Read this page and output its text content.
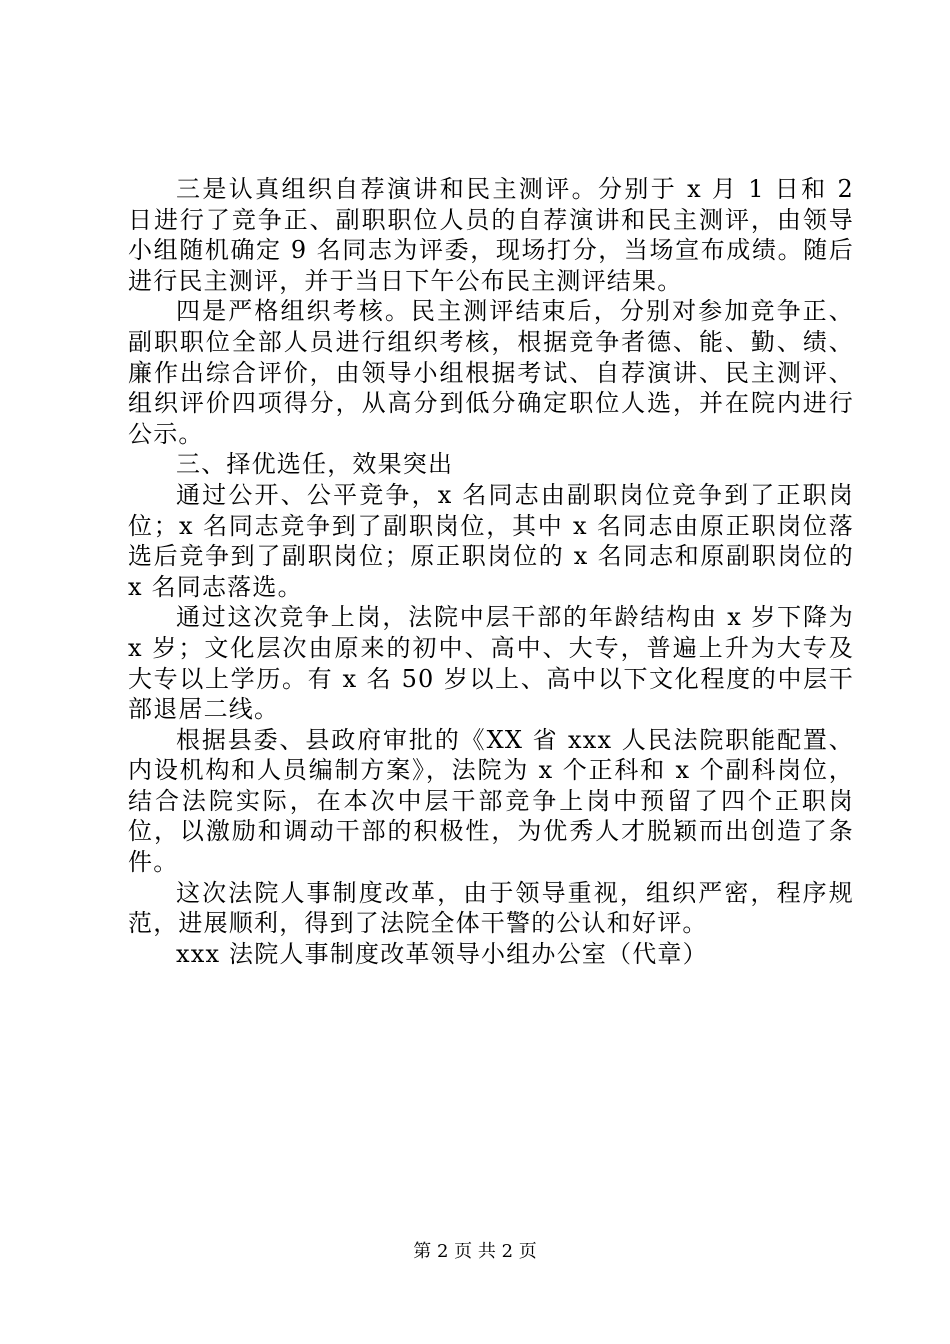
三是认真组织自荐演讲和民主测评。分别于 x 月 1 日和 2 日进行了竞争正、副职职位人员的自荐演讲和民主测评，由领导小组随机确定 9 名同志为评委，现场打分，当场宣布成绩。随后进行民主测评，并于当日下午公布民主测评结果。

四是严格组织考核。民主测评结束后，分别对参加竞争正、副职职位全部人员进行组织考核，根据竞争者德、能、勤、绩、廉作出综合评价，由领导小组根据考试、自荐演讲、民主测评、组织评价四项得分，从高分到低分确定职位人选，并在院内进行公示。

三、择优选任，效果突出

通过公开、公平竞争，x 名同志由副职岗位竞争到了正职岗位；x 名同志竞争到了副职岗位，其中 x 名同志由原正职岗位落选后竞争到了副职岗位；原正职岗位的 x 名同志和原副职岗位的 x 名同志落选。

通过这次竞争上岗，法院中层干部的年龄结构由 x 岁下降为 x 岁；文化层次由原来的初中、高中、大专，普遍上升为大专及大专以上学历。有 x 名 50 岁以上、高中以下文化程度的中层干部退居二线。

根据县委、县政府审批的《XX 省 xxx 人民法院职能配置、内设机构和人员编制方案》，法院为 x 个正科和 x 个副科岗位，结合法院实际，在本次中层干部竞争上岗中预留了四个正职岗位，以激励和调动干部的积极性，为优秀人才脱颖而出创造了条件。

这次法院人事制度改革，由于领导重视，组织严密，程序规范，进展顺利，得到了法院全体干警的公认和好评。

xxx 法院人事制度改革领导小组办公室（代章）

第 2 页 共 2 页
